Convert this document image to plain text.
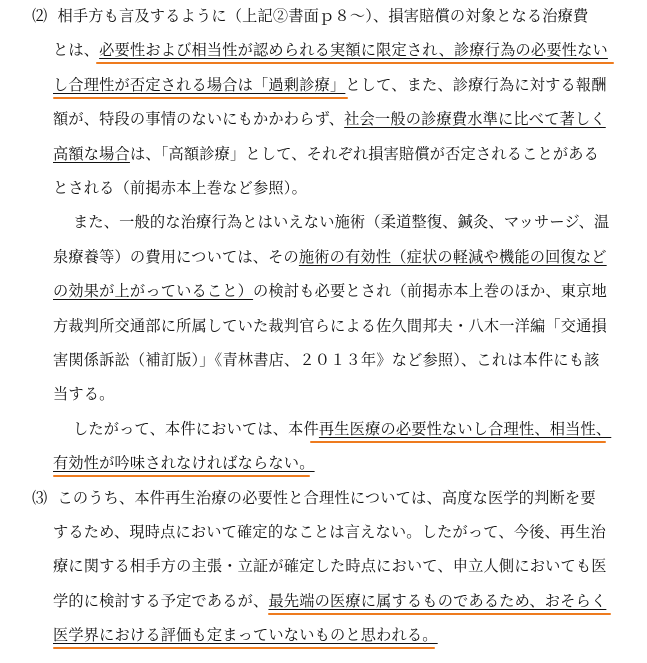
⑵ 相手方も言及するように（上記②書面ｐ８～）、損害賠償の対象となる治療費
とは、必要性および相当性が認められる実額に限定され、診療行為の必要性ない
し合理性が否定される場合は「過剰診療」として、また、診療行為に対する報酬
額が、特段の事情のないにもかかわらず、社会一般の診療費水準に比べて著しく
高額な場合は、「高額診療」として、それぞれ損害賠償が否定されることがある
とされる（前掲赤本上巻など参照）。
また、一般的な治療行為とはいえない施術（柔道整復、鍼灸、マッサージ、温
泉療養等）の費用については、その施術の有効性（症状の軽減や機能の回復など
の効果が上がっていること）の検討も必要とされ（前掲赤本上巻のほか、東京地
方裁判所交通部に所属していた裁判官らによる佐久間邦夫・八木一洋編「交通損
害関係訴訟（補訂版）」《青林書店、２０１３年》など参照）、これは本件にも該
当する。
したがって、本件においては、本件再生医療の必要性ないし合理性、相当性、
有効性が吟味されなければならない。
⑶ このうち、本件再生治療の必要性と合理性については、高度な医学的判断を要
するため、現時点において確定的なことは言えない。したがって、今後、再生治
療に関する相手方の主張・立証が確定した時点において、申立人側においても医
学的に検討する予定であるが、最先端の医療に属するものであるため、おそらく
医学界における評価も定まっていないものと思われる。
